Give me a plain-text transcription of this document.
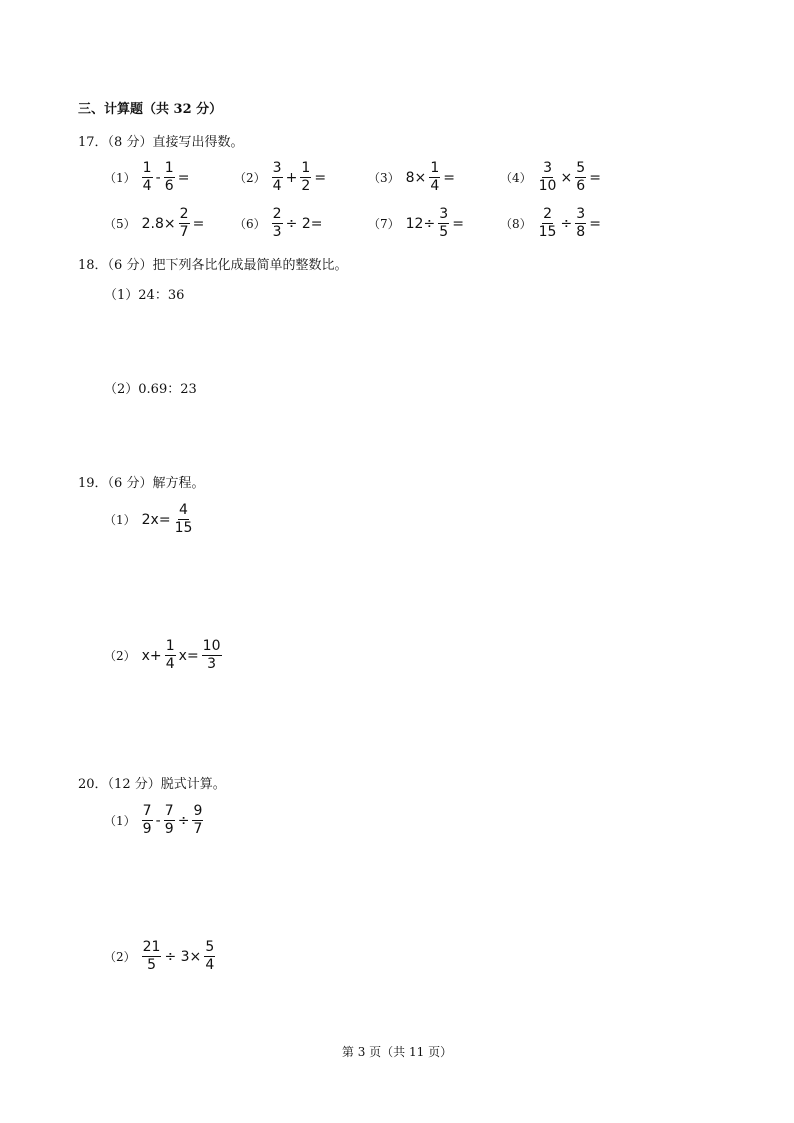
三、计算题（共 32 分）
17．（8 分）直接写出得数。
$(1) \frac{1}{4} - \frac{1}{6}$ =	$(2) \frac{3}{4} + \frac{1}{2}$ =	（3） $8\times \frac{1}{4}$ =	$(4) \frac{3}{10} \times \frac{5}{6}$ =
（5） $2.8\times \frac{2}{7} = (6) \frac{2}{3} \div 2=$	（7） $12\div \frac{3}{5}$ =	$(8) \frac{2}{15} \div \frac{3}{8}$ =
18．（6 分）把下列各比化成最简单的整数比。
（1）24：36
（2）0.69：23
19．（6 分）解方程。
（1） $2x= \frac{4}{15}$
（2） $x+ \frac{1}{4} x= \frac{10}{3}$
20．（12 分）脱式计算。
$(1) \frac{7}{9} - \frac{7}{9} \div \frac{9}{7}$
$(2) \frac{21}{5} \div 3\times \frac{5}{4}$
第 3 页（共 11 页）
